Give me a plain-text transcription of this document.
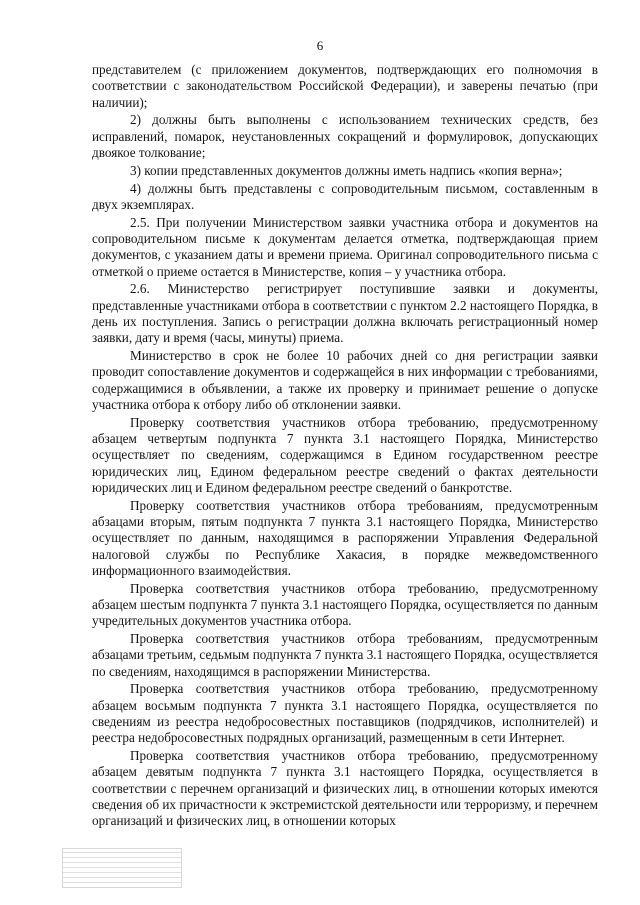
6

представителем (с приложением документов, подтверждающих его полномочия в соответствии с законодательством Российской Федерации), и заверены печатью (при наличии);

2) должны быть выполнены с использованием технических средств, без исправлений, помарок, неустановленных сокращений и формулировок, допускающих двоякое толкование;

3) копии представленных документов должны иметь надпись «копия верна»;

4) должны быть представлены с сопроводительным письмом, составленным в двух экземплярах.

2.5. При получении Министерством заявки участника отбора и документов на сопроводительном письме к документам делается отметка, подтверждающая прием документов, с указанием даты и времени приема. Оригинал сопроводительного письма с отметкой о приеме остается в Министерстве, копия – у участника отбора.

2.6. Министерство регистрирует поступившие заявки и документы, представленные участниками отбора в соответствии с пунктом 2.2 настоящего Порядка, в день их поступления. Запись о регистрации должна включать регистрационный номер заявки, дату и время (часы, минуты) приема.

Министерство в срок не более 10 рабочих дней со дня регистрации заявки проводит сопоставление документов и содержащейся в них информации с требованиями, содержащимися в объявлении, а также их проверку и принимает решение о допуске участника отбора к отбору либо об отклонении заявки.

Проверку соответствия участников отбора требованию, предусмотренному абзацем четвертым подпункта 7 пункта 3.1 настоящего Порядка, Министерство осуществляет по сведениям, содержащимся в Едином государственном реестре юридических лиц, Едином федеральном реестре сведений о фактах деятельности юридических лиц и Едином федеральном реестре сведений о банкротстве.

Проверку соответствия участников отбора требованиям, предусмотренным абзацами вторым, пятым подпункта 7 пункта 3.1 настоящего Порядка, Министерство осуществляет по данным, находящимся в распоряжении Управления Федеральной налоговой службы по Республике Хакасия, в порядке межведомственного информационного взаимодействия.

Проверка соответствия участников отбора требованию, предусмотренному абзацем шестым подпункта 7 пункта 3.1 настоящего Порядка, осуществляется по данным учредительных документов участника отбора.

Проверка соответствия участников отбора требованиям, предусмотренным абзацами третьим, седьмым подпункта 7 пункта 3.1 настоящего Порядка, осуществляется по сведениям, находящимся в распоряжении Министерства.

Проверка соответствия участников отбора требованию, предусмотренному абзацем восьмым подпункта 7 пункта 3.1 настоящего Порядка, осуществляется по сведениям из реестра недобросовестных поставщиков (подрядчиков, исполнителей) и реестра недобросовестных подрядных организаций, размещенным в сети Интернет.

Проверка соответствия участников отбора требованию, предусмотренному абзацем девятым подпункта 7 пункта 3.1 настоящего Порядка, осуществляется в соответствии с перечнем организаций и физических лиц, в отношении которых имеются сведения об их причастности к экстремистской деятельности или терроризму, и перечнем организаций и физических лиц, в отношении которых
